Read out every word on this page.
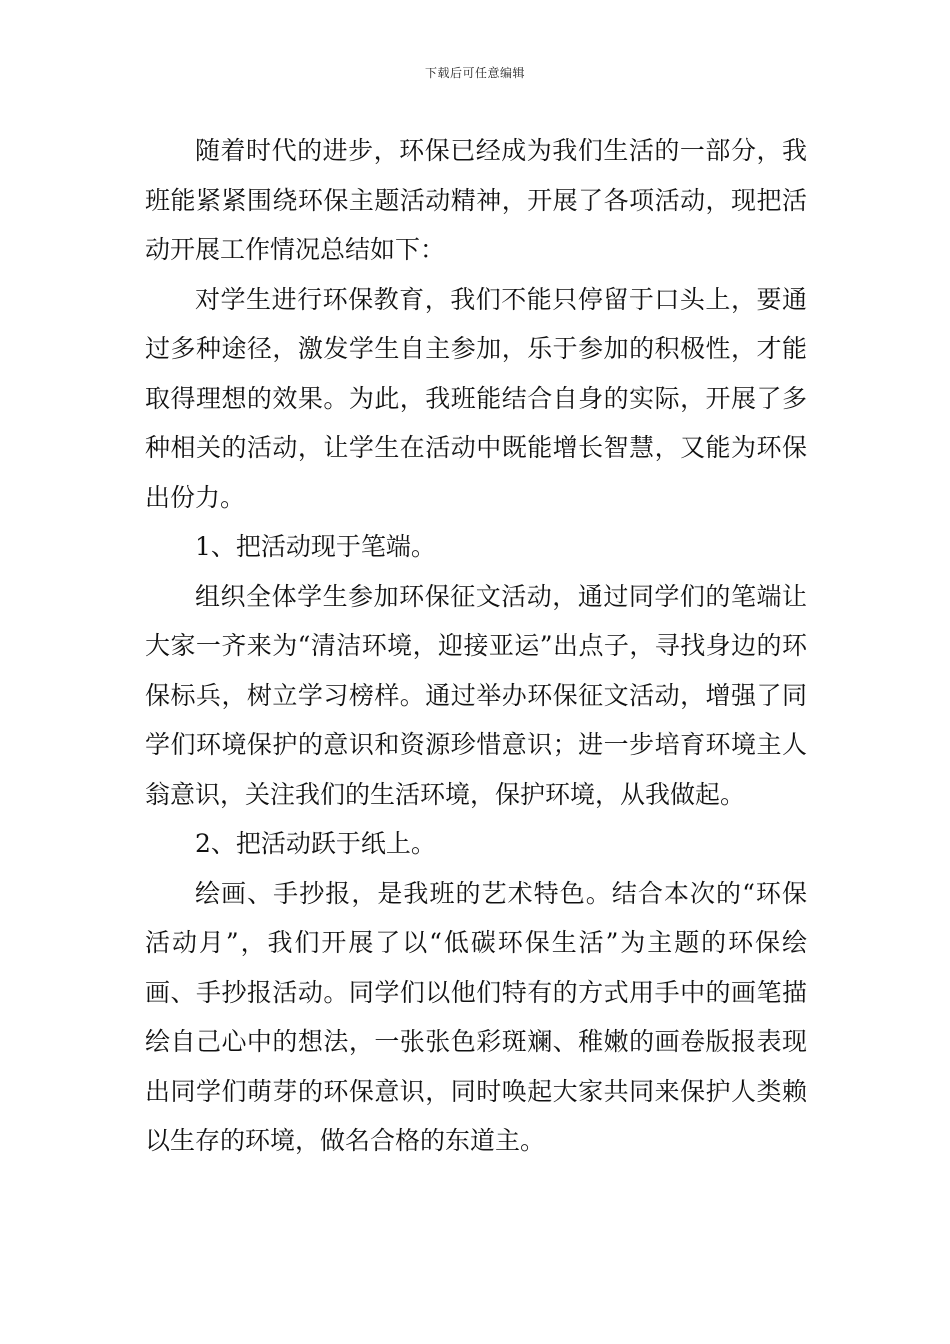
下载后可任意编辑

随着时代的进步，环保已经成为我们生活的一部分，我班能紧紧围绕环保主题活动精神，开展了各项活动，现把活动开展工作情况总结如下：

对学生进行环保教育，我们不能只停留于口头上，要通过多种途径，激发学生自主参加，乐于参加的积极性，才能取得理想的效果。为此，我班能结合自身的实际，开展了多种相关的活动，让学生在活动中既能增长智慧，又能为环保出份力。

1、把活动现于笔端。

组织全体学生参加环保征文活动，通过同学们的笔端让大家一齐来为“清洁环境，迎接亚运”出点子，寻找身边的环保标兵，树立学习榜样。通过举办环保征文活动，增强了同学们环境保护的意识和资源珍惜意识；进一步培育环境主人翁意识，关注我们的生活环境，保护环境，从我做起。

2、把活动跃于纸上。

绘画、手抄报，是我班的艺术特色。结合本次的“环保活动月”，我们开展了以“低碳环保生活”为主题的环保绘画、手抄报活动。同学们以他们特有的方式用手中的画笔描绘自己心中的想法，一张张色彩斑斓、稚嫩的画卷版报表现出同学们萌芽的环保意识，同时唤起大家共同来保护人类赖以生存的环境，做名合格的东道主。
